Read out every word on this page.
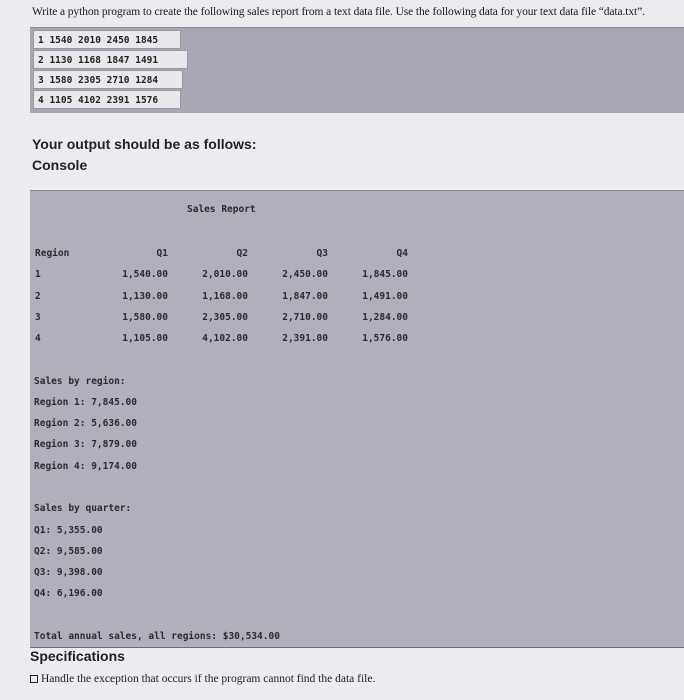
Write a python program to create the following sales report from a text data file. Use the following data for your text data file “data.txt”.
1 1540 2010 2450 1845
2 1130 1168 1847 1491
3 1580 2305 2710 1284
4 1105 4102 2391 1576
Your output should be as follows:
Console
Sales Report
Region	Q1	Q2	Q3	Q4
1	1,540.00	2,010.00	2,450.00	1,845.00
2	1,130.00	1,168.00	1,847.00	1,491.00
3	1,580.00	2,305.00	2,710.00	1,284.00
4	1,105.00	4,102.00	2,391.00	1,576.00
Sales by region:
Region 1: 7,845.00
Region 2: 5,636.00
Region 3: 7,879.00
Region 4: 9,174.00
Sales by quarter:
Q1: 5,355.00
Q2: 9,585.00
Q3: 9,398.00
Q4: 6,196.00
Total annual sales, all regions: $30,534.00
Specifications
Handle the exception that occurs if the program cannot find the data file.
